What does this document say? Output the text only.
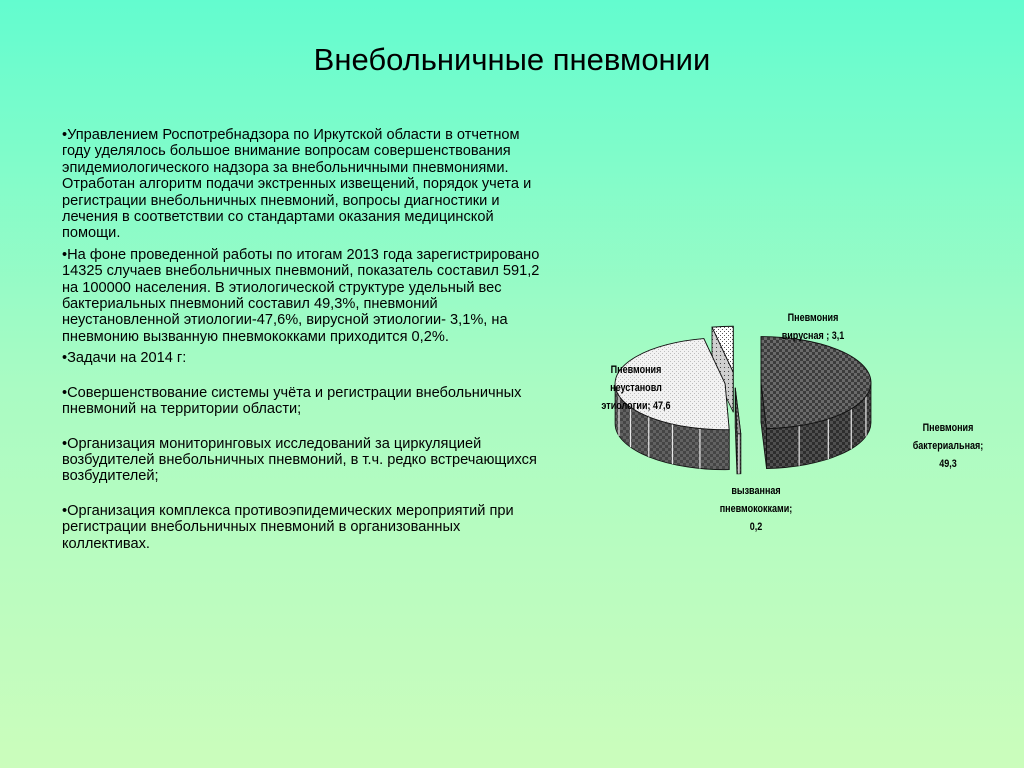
Внебольничные пневмонии
•Управлением Роспотребнадзора по Иркутской области в отчетном году уделялось большое внимание вопросам совершенствования эпидемиологического надзора за внебольничными пневмониями. Отработан алгоритм подачи экстренных извещений, порядок учета и регистрации внебольничных пневмоний, вопросы диагностики и лечения в соответствии со стандартами оказания медицинской помощи.
•На фоне проведенной работы по итогам 2013 года зарегистрировано 14325 случаев внебольничных пневмоний, показатель составил 591,2 на 100000 населения. В этиологической структуре удельный вес бактериальных пневмоний составил 49,3%, пневмоний неустановленной этиологии-47,6%, вирусной этиологии- 3,1%, на пневмонию вызванную пневмококками приходится 0,2%.
•Задачи на 2014 г:
•Совершенствование системы учёта и регистрации внебольничных пневмоний на территории области;
•Организация мониторинговых исследований за циркуляцией возбудителей внебольничных пневмоний, в т.ч. редко встречающихся возбудителей;
•Организация комплекса противоэпидемических мероприятий при регистрации внебольничных пневмоний в организованных коллективах.
Пневмония
вирусная ; 3,1
Пневмония
неустановл
этиологии; 47,6
Пневмония
бактериальная;
49,3
вызванная
пневмококками;
0,2
